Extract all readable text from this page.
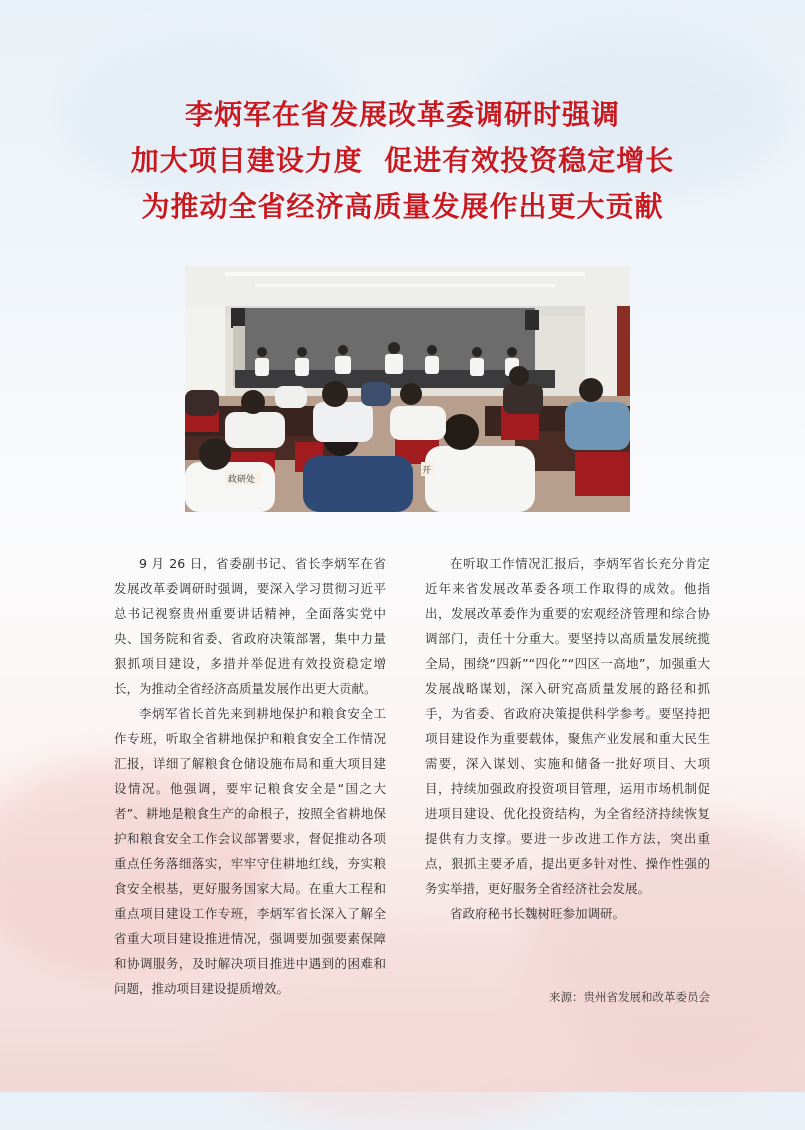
李炳军在省发展改革委调研时强调
加大项目建设力度  促进有效投资稳定增长
为推动全省经济高质量发展作出更大贡献
政研处
开

9 月 26 日，省委副书记、省长李炳军在省发展改革委调研时强调，要深入学习贯彻习近平总书记视察贵州重要讲话精神，全面落实党中央、国务院和省委、省政府决策部署，集中力量狠抓项目建设，多措并举促进有效投资稳定增长，为推动全省经济高质量发展作出更大贡献。

李炳军省长首先来到耕地保护和粮食安全工作专班，听取全省耕地保护和粮食安全工作情况汇报，详细了解粮食仓储设施布局和重大项目建设情况。他强调，要牢记粮食安全是“国之大者”、耕地是粮食生产的命根子，按照全省耕地保护和粮食安全工作会议部署要求，督促推动各项重点任务落细落实，牢牢守住耕地红线，夯实粮食安全根基，更好服务国家大局。在重大工程和重点项目建设工作专班，李炳军省长深入了解全省重大项目建设推进情况，强调要加强要素保障和协调服务，及时解决项目推进中遇到的困难和问题，推动项目建设提质增效。

在听取工作情况汇报后，李炳军省长充分肯定近年来省发展改革委各项工作取得的成效。他指出，发展改革委作为重要的宏观经济管理和综合协调部门，责任十分重大。要坚持以高质量发展统揽全局，围绕“四新”“四化”“四区一高地”，加强重大发展战略谋划，深入研究高质量发展的路径和抓手，为省委、省政府决策提供科学参考。要坚持把项目建设作为重要载体，聚焦产业发展和重大民生需要，深入谋划、实施和储备一批好项目、大项目，持续加强政府投资项目管理，运用市场机制促进项目建设、优化投资结构，为全省经济持续恢复提供有力支撑。要进一步改进工作方法，突出重点，狠抓主要矛盾，提出更多针对性、操作性强的务实举措，更好服务全省经济社会发展。

省政府秘书长魏树旺参加调研。

来源：贵州省发展和改革委员会
